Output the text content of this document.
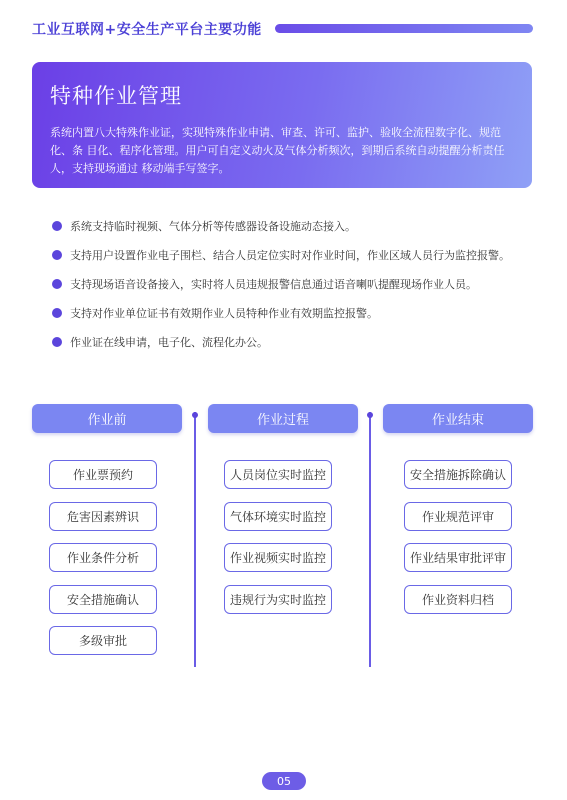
工业互联网+安全生产平台主要功能
特种作业管理
系统内置八大特殊作业证，实现特殊作业申请、审查、许可、监护、验收全流程数字化、规范化、条 目化、程序化管理。用户可自定义动火及气体分析频次，到期后系统自动提醒分析责任人，支持现场通过 移动端手写签字。
系统支持临时视频、气体分析等传感器设备设施动态接入。
支持用户设置作业电子围栏、结合人员定位实时对作业时间，作业区域人员行为监控报警。
支持现场语音设备接入，实时将人员违规报警信息通过语音喇叭提醒现场作业人员。
支持对作业单位证书有效期作业人员特种作业有效期监控报警。
作业证在线申请，电子化、流程化办公。
作业前	作业过程	作业结束
作业票预约
危害因素辨识
作业条件分析
安全措施确认
多级审批
人员岗位实时监控
气体环境实时监控
作业视频实时监控
违规行为实时监控
安全措施拆除确认
作业规范评审
作业结果审批评审
作业资料归档
05
